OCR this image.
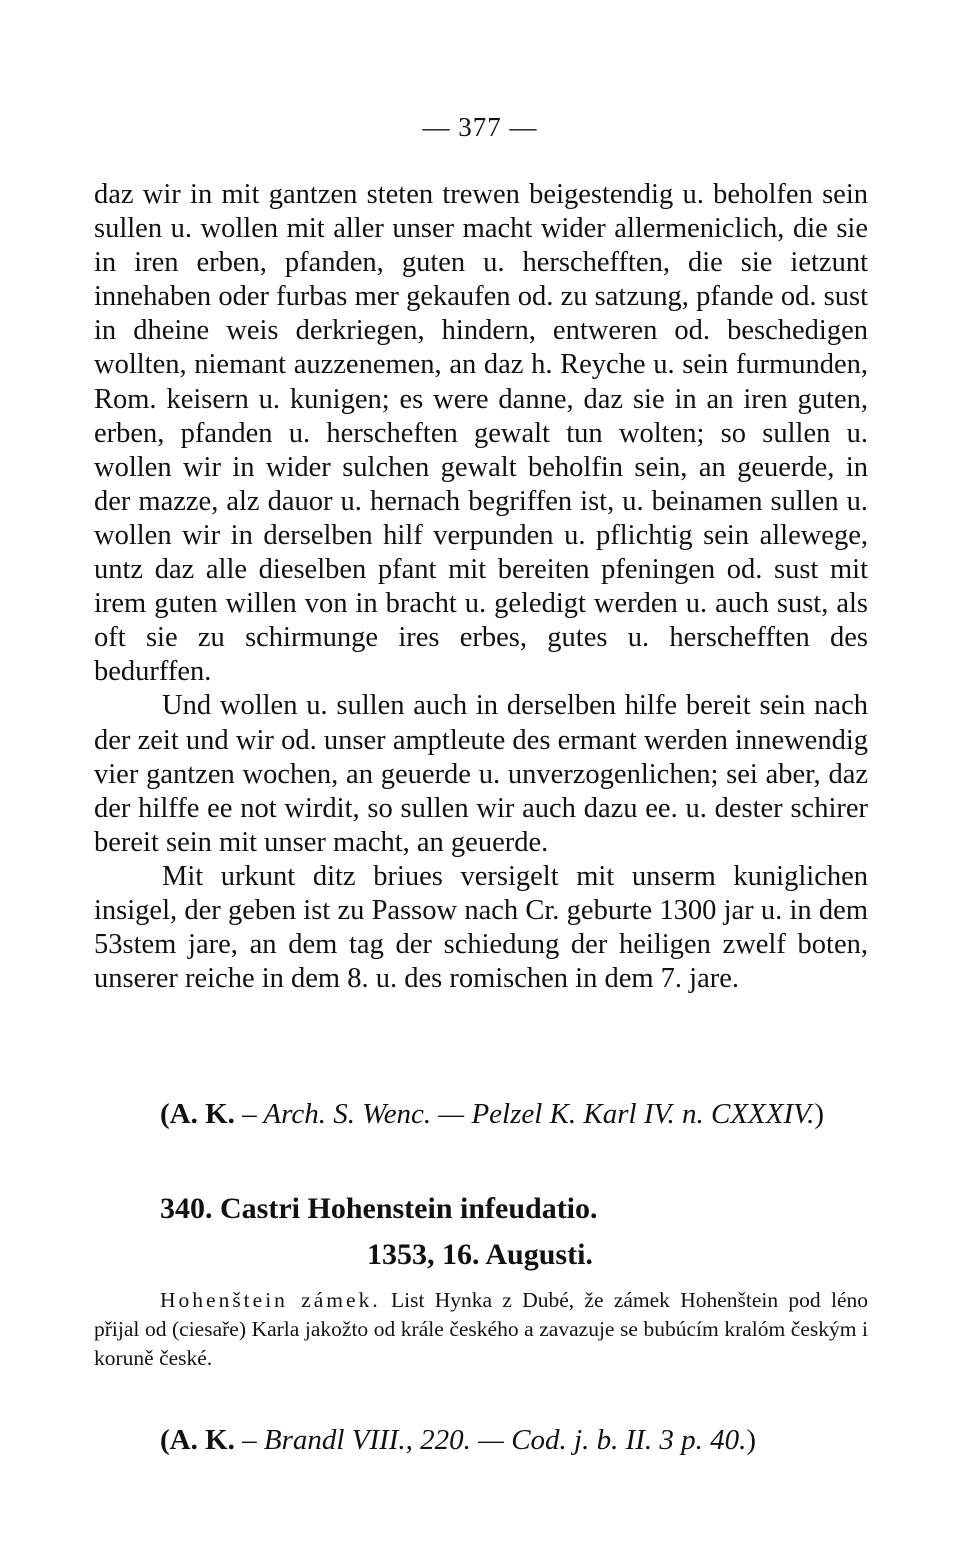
— 377 —

daz wir in mit gantzen steten trewen beigestendig u. beholfen sein sullen u. wollen mit aller unser macht wider allermeniclich, die sie in iren erben, pfanden, guten u. herschefften, die sie ietzunt innehaben oder furbas mer gekaufen od. zu satzung, pfande od. sust in dheine weis derkriegen, hindern, entweren od. beschedigen wollten, niemant auzzenemen, an daz h. Reyche u. sein furmunden, Rom. keisern u. kunigen; es were danne, daz sie in an iren guten, erben, pfanden u. herscheften gewalt tun wolten; so sullen u. wollen wir in wider sulchen gewalt beholfin sein, an geuerde, in der mazze, alz dauor u. hernach begriffen ist, u. beinamen sullen u. wollen wir in derselben hilf verpunden u. pflichtig sein allewege, untz daz alle dieselben pfant mit bereiten pfeningen od. sust mit irem guten willen von in bracht u. geledigt werden u. auch sust, als oft sie zu schirmunge ires erbes, gutes u. herschefften des bedurffen.

Und wollen u. sullen auch in derselben hilfe bereit sein nach der zeit und wir od. unser amptleute des ermant werden innewendig vier gantzen wochen, an geuerde u. unverzogenlichen; sei aber, daz der hilffe ee not wirdit, so sullen wir auch dazu ee. u. dester schirer bereit sein mit unser macht, an geuerde.

Mit urkunt ditz briues versigelt mit unserm kuniglichen insigel, der geben ist zu Passow nach Cr. geburte 1300 jar u. in dem 53stem jare, an dem tag der schiedung der heiligen zwelf boten, unserer reiche in dem 8. u. des romischen in dem 7. jare.

(A. K. – Arch. S. Wenc. — Pelzel K. Karl IV. n. CXXXIV.)
340. Castri Hohenstein infeudatio.
1353, 16. Augusti.
Hohenštein zámek. List Hynka z Dubé, že zámek Hohenštein pod léno přijal od (ciesaře) Karla jakožto od krále českého a zavazuje se bubúcím kralóm českým i koruně české.
(A. K. – Brandl VIII., 220. — Cod. j. b. II. 3 p. 40.)
